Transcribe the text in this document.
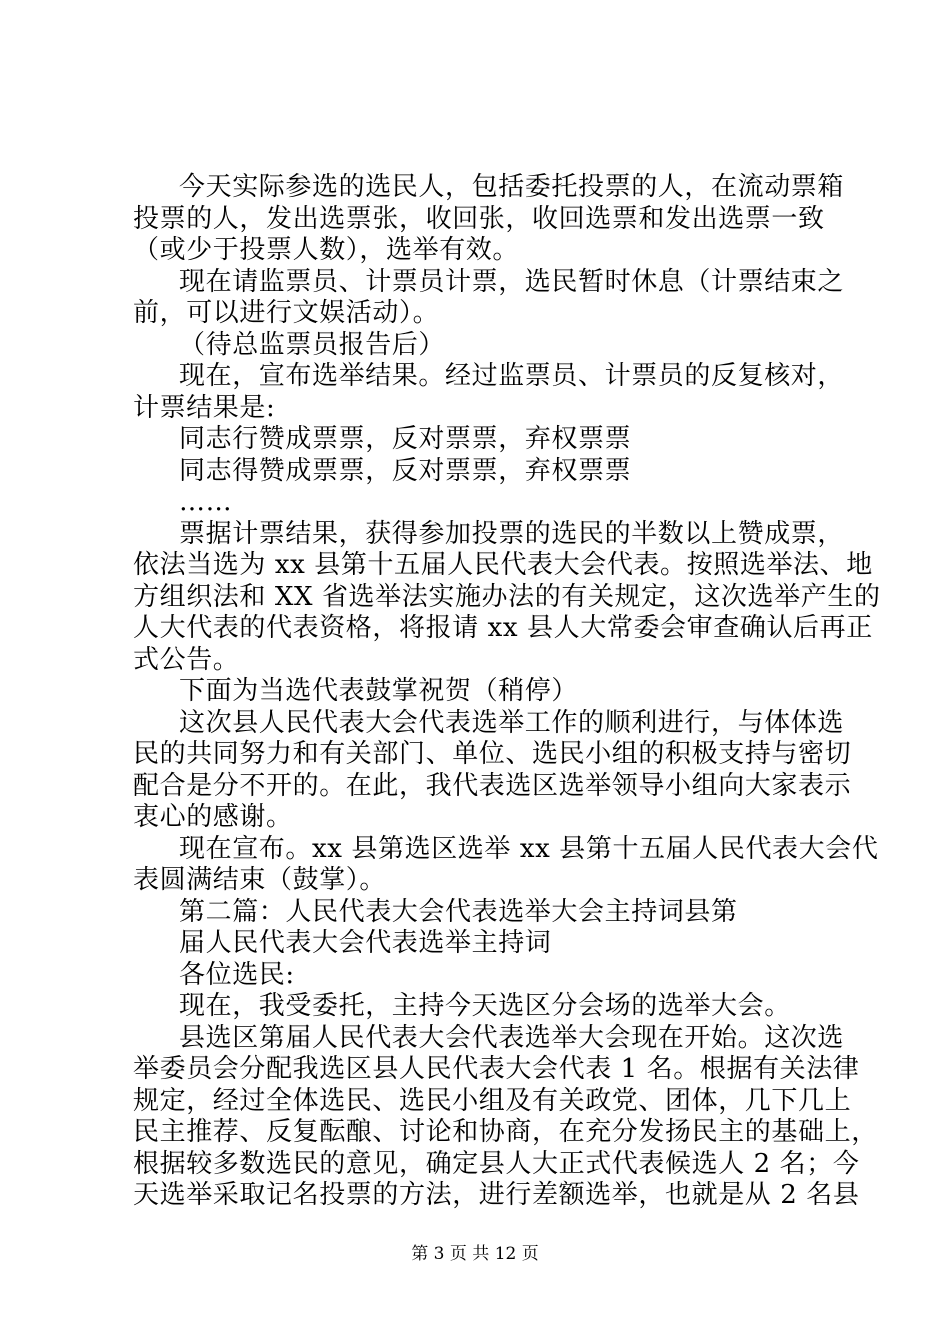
今天实际参选的选民人，包括委托投票的人，在流动票箱
投票的人，发出选票张，收回张，收回选票和发出选票一致
（或少于投票人数），选举有效。
现在请监票员、计票员计票，选民暂时休息（计票结束之
前，可以进行文娱活动）。
（待总监票员报告后）
现在，宣布选举结果。经过监票员、计票员的反复核对，
计票结果是:
同志行赞成票票，反对票票，弃权票票
同志得赞成票票，反对票票，弃权票票
……
票据计票结果，获得参加投票的选民的半数以上赞成票，
依法当选为 xx 县第十五届人民代表大会代表。按照选举法、地
方组织法和 XX 省选举法实施办法的有关规定，这次选举产生的
人大代表的代表资格，将报请 xx 县人大常委会审查确认后再正
式公告。
下面为当选代表鼓掌祝贺（稍停）
这次县人民代表大会代表选举工作的顺利进行，与体体选
民的共同努力和有关部门、单位、选民小组的积极支持与密切
配合是分不开的。在此，我代表选区选举领导小组向大家表示
衷心的感谢。
现在宣布。xx 县第选区选举 xx 县第十五届人民代表大会代
表圆满结束（鼓掌）。
第二篇：人民代表大会代表选举大会主持词县第
届人民代表大会代表选举主持词
各位选民:
现在，我受委托，主持今天选区分会场的选举大会。
县选区第届人民代表大会代表选举大会现在开始。这次选
举委员会分配我选区县人民代表大会代表 1 名。根据有关法律
规定，经过全体选民、选民小组及有关政党、团体，几下几上
民主推荐、反复酝酿、讨论和协商，在充分发扬民主的基础上，
根据较多数选民的意见，确定县人大正式代表候选人 2 名；今
天选举采取记名投票的方法，进行差额选举，也就是从 2 名县
第 3 页 共 12 页
